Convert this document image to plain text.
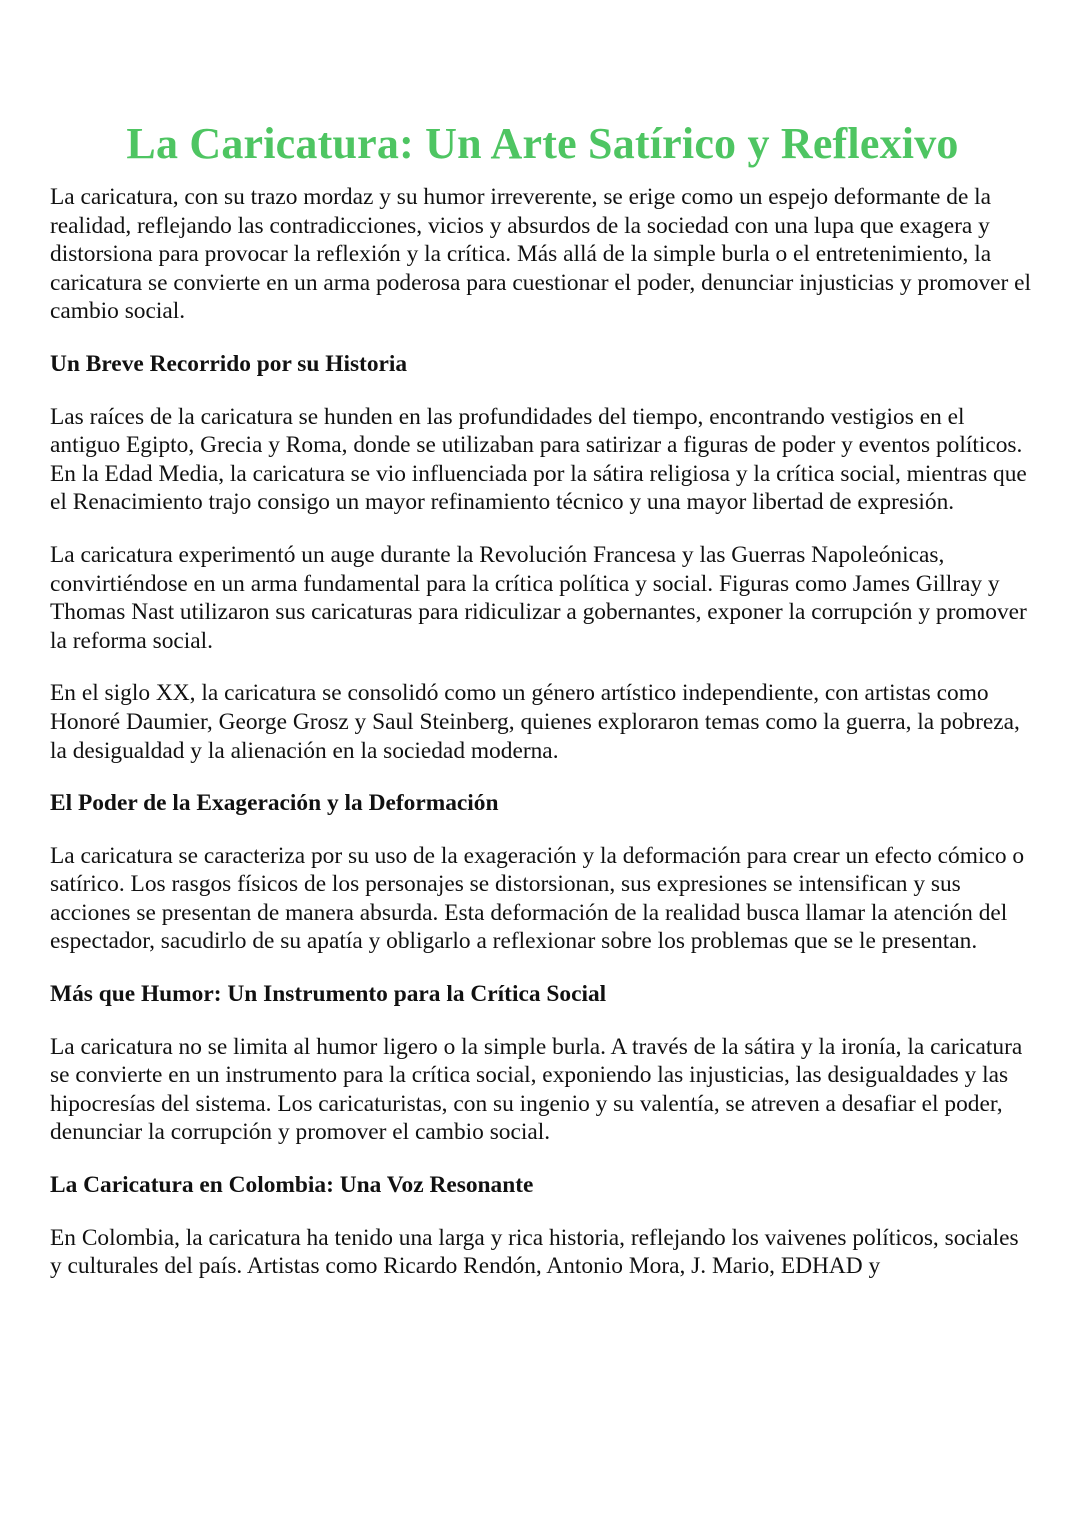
La Caricatura: Un Arte Satírico y Reflexivo

La caricatura, con su trazo mordaz y su humor irreverente, se erige como un espejo deformante de la realidad, reflejando las contradicciones, vicios y absurdos de la sociedad con una lupa que exagera y distorsiona para provocar la reflexión y la crítica. Más allá de la simple burla o el entretenimiento, la caricatura se convierte en un arma poderosa para cuestionar el poder, denunciar injusticias y promover el cambio social.

Un Breve Recorrido por su Historia

Las raíces de la caricatura se hunden en las profundidades del tiempo, encontrando vestigios en el antiguo Egipto, Grecia y Roma, donde se utilizaban para satirizar a figuras de poder y eventos políticos. En la Edad Media, la caricatura se vio influenciada por la sátira religiosa y la crítica social, mientras que el Renacimiento trajo consigo un mayor refinamiento técnico y una mayor libertad de expresión.

La caricatura experimentó un auge durante la Revolución Francesa y las Guerras Napoleónicas, convirtiéndose en un arma fundamental para la crítica política y social. Figuras como James Gillray y Thomas Nast utilizaron sus caricaturas para ridiculizar a gobernantes, exponer la corrupción y promover la reforma social.

En el siglo XX, la caricatura se consolidó como un género artístico independiente, con artistas como Honoré Daumier, George Grosz y Saul Steinberg, quienes exploraron temas como la guerra, la pobreza, la desigualdad y la alienación en la sociedad moderna.

El Poder de la Exageración y la Deformación

La caricatura se caracteriza por su uso de la exageración y la deformación para crear un efecto cómico o satírico. Los rasgos físicos de los personajes se distorsionan, sus expresiones se intensifican y sus acciones se presentan de manera absurda. Esta deformación de la realidad busca llamar la atención del espectador, sacudirlo de su apatía y obligarlo a reflexionar sobre los problemas que se le presentan.

Más que Humor: Un Instrumento para la Crítica Social

La caricatura no se limita al humor ligero o la simple burla. A través de la sátira y la ironía, la caricatura se convierte en un instrumento para la crítica social, exponiendo las injusticias, las desigualdades y las hipocresías del sistema. Los caricaturistas, con su ingenio y su valentía, se atreven a desafiar el poder, denunciar la corrupción y promover el cambio social.

La Caricatura en Colombia: Una Voz Resonante

En Colombia, la caricatura ha tenido una larga y rica historia, reflejando los vaivenes políticos, sociales y culturales del país. Artistas como Ricardo Rendón, Antonio Mora, J. Mario, EDHAD y
